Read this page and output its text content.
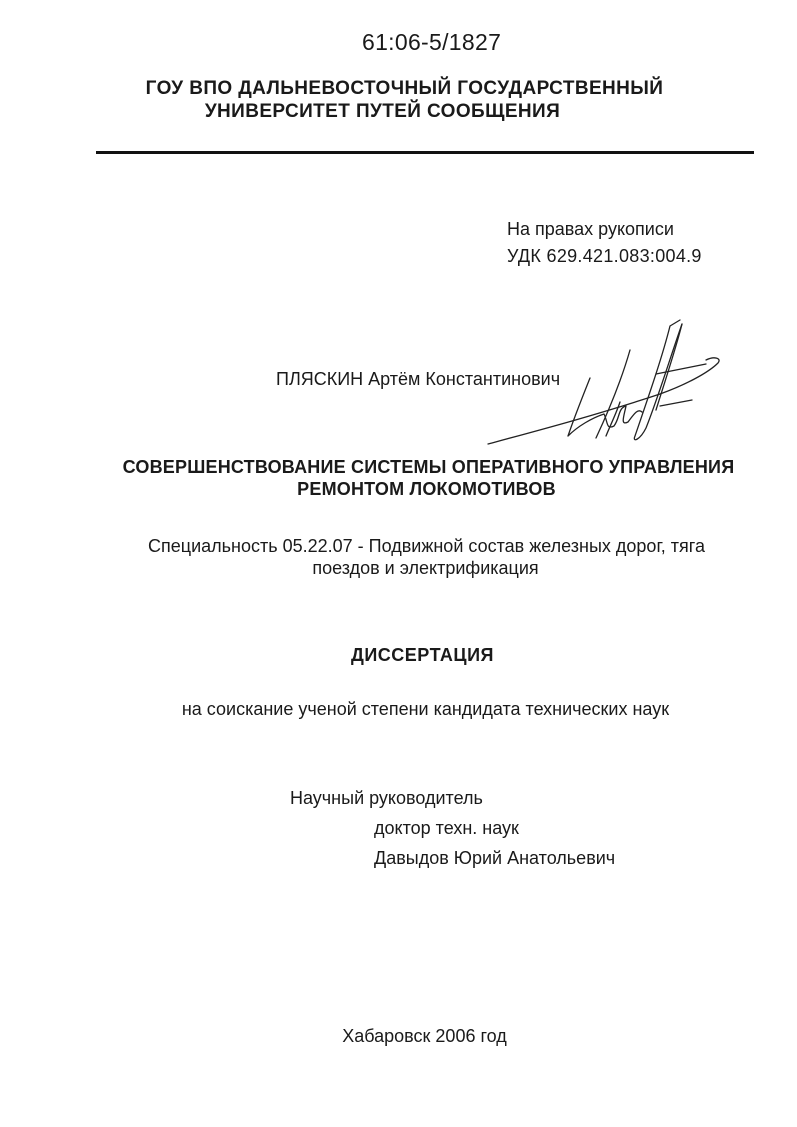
61:06-5/1827
ГОУ ВПО ДАЛЬНЕВОСТОЧНЫЙ ГОСУДАРСТВЕННЫЙ
УНИВЕРСИТЕТ ПУТЕЙ СООБЩЕНИЯ
На правах рукописи
УДК 629.421.083:004.9
ПЛЯСКИН Артём Константинович
СОВЕРШЕНСТВОВАНИЕ СИСТЕМЫ ОПЕРАТИВНОГО УПРАВЛЕНИЯ
РЕМОНТОМ ЛОКОМОТИВОВ
Специальность 05.22.07 - Подвижной состав железных дорог, тяга
поездов и электрификация
ДИССЕРТАЦИЯ
на соискание ученой степени кандидата технических наук
Научный руководитель
доктор техн. наук
Давыдов Юрий Анатольевич
Хабаровск 2006 год
